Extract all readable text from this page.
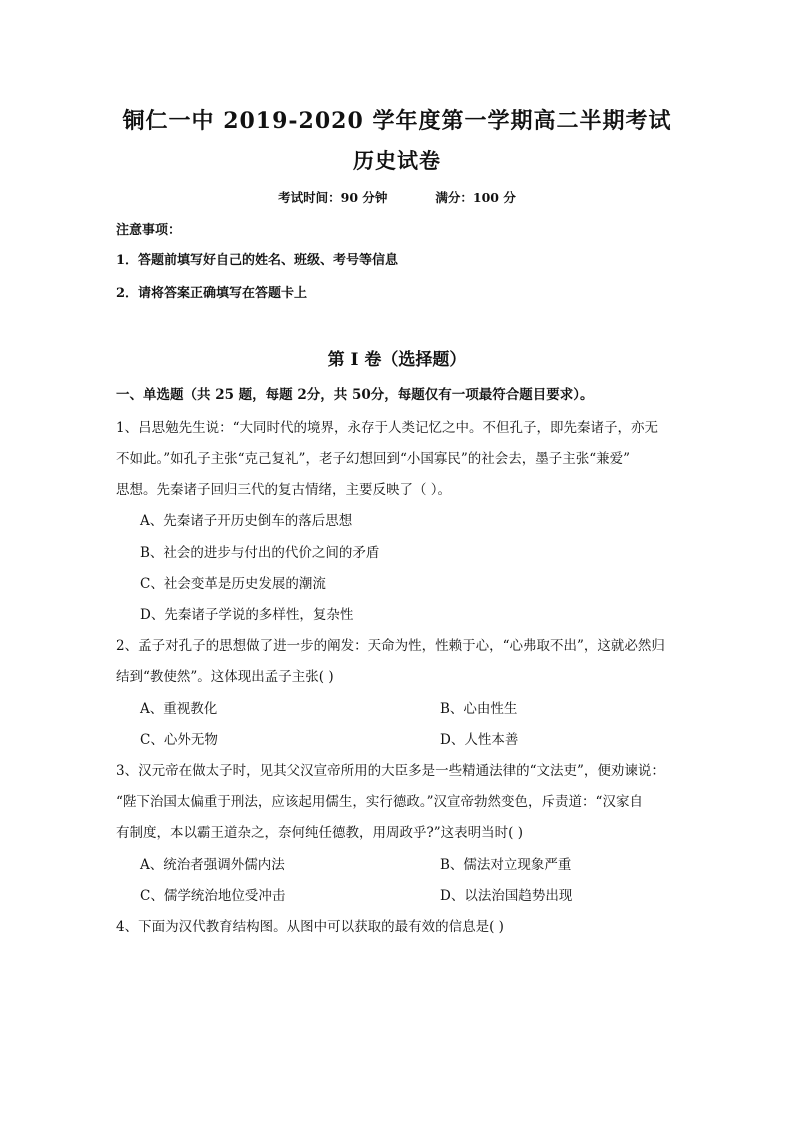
铜仁一中 2019-2020 学年度第一学期高二半期考试
历史试卷
考试时间：90 分钟	满分：100 分
注意事项：
1．答题前填写好自己的姓名、班级、考号等信息
2．请将答案正确填写在答题卡上
第 I 卷（选择题）
一、单选题（共 25 题，每题 2分，共 50分，每题仅有一项最符合题目要求）。
1、吕思勉先生说：“大同时代的境界，永存于人类记忆之中。不但孔子，即先秦诸子，亦无
不如此。”如孔子主张“克己复礼”，老子幻想回到“小国寡民”的社会去，墨子主张“兼爱”
思想。先秦诸子回归三代的复古情绪，主要反映了（ ）。
A、先秦诸子开历史倒车的落后思想
B、社会的进步与付出的代价之间的矛盾
C、社会变革是历史发展的潮流
D、先秦诸子学说的多样性，复杂性
2、孟子对孔子的思想做了进一步的阐发：天命为性，性赖于心，“心弗取不出”，这就必然归
结到“教使然”。这体现出孟子主张( )
A、重视教化	B、心由性生
C、心外无物	D、人性本善
3、汉元帝在做太子时，见其父汉宣帝所用的大臣多是一些精通法律的“文法吏”，便劝谏说：
“陛下治国太偏重于刑法，应该起用儒生，实行德政。”汉宣帝勃然变色，斥责道：“汉家自
有制度，本以霸王道杂之，奈何纯任德教，用周政乎?”这表明当时( )
A、统治者强调外儒内法	B、儒法对立现象严重
C、儒学统治地位受冲击	D、以法治国趋势出现
4、下面为汉代教育结构图。从图中可以获取的最有效的信息是( )
